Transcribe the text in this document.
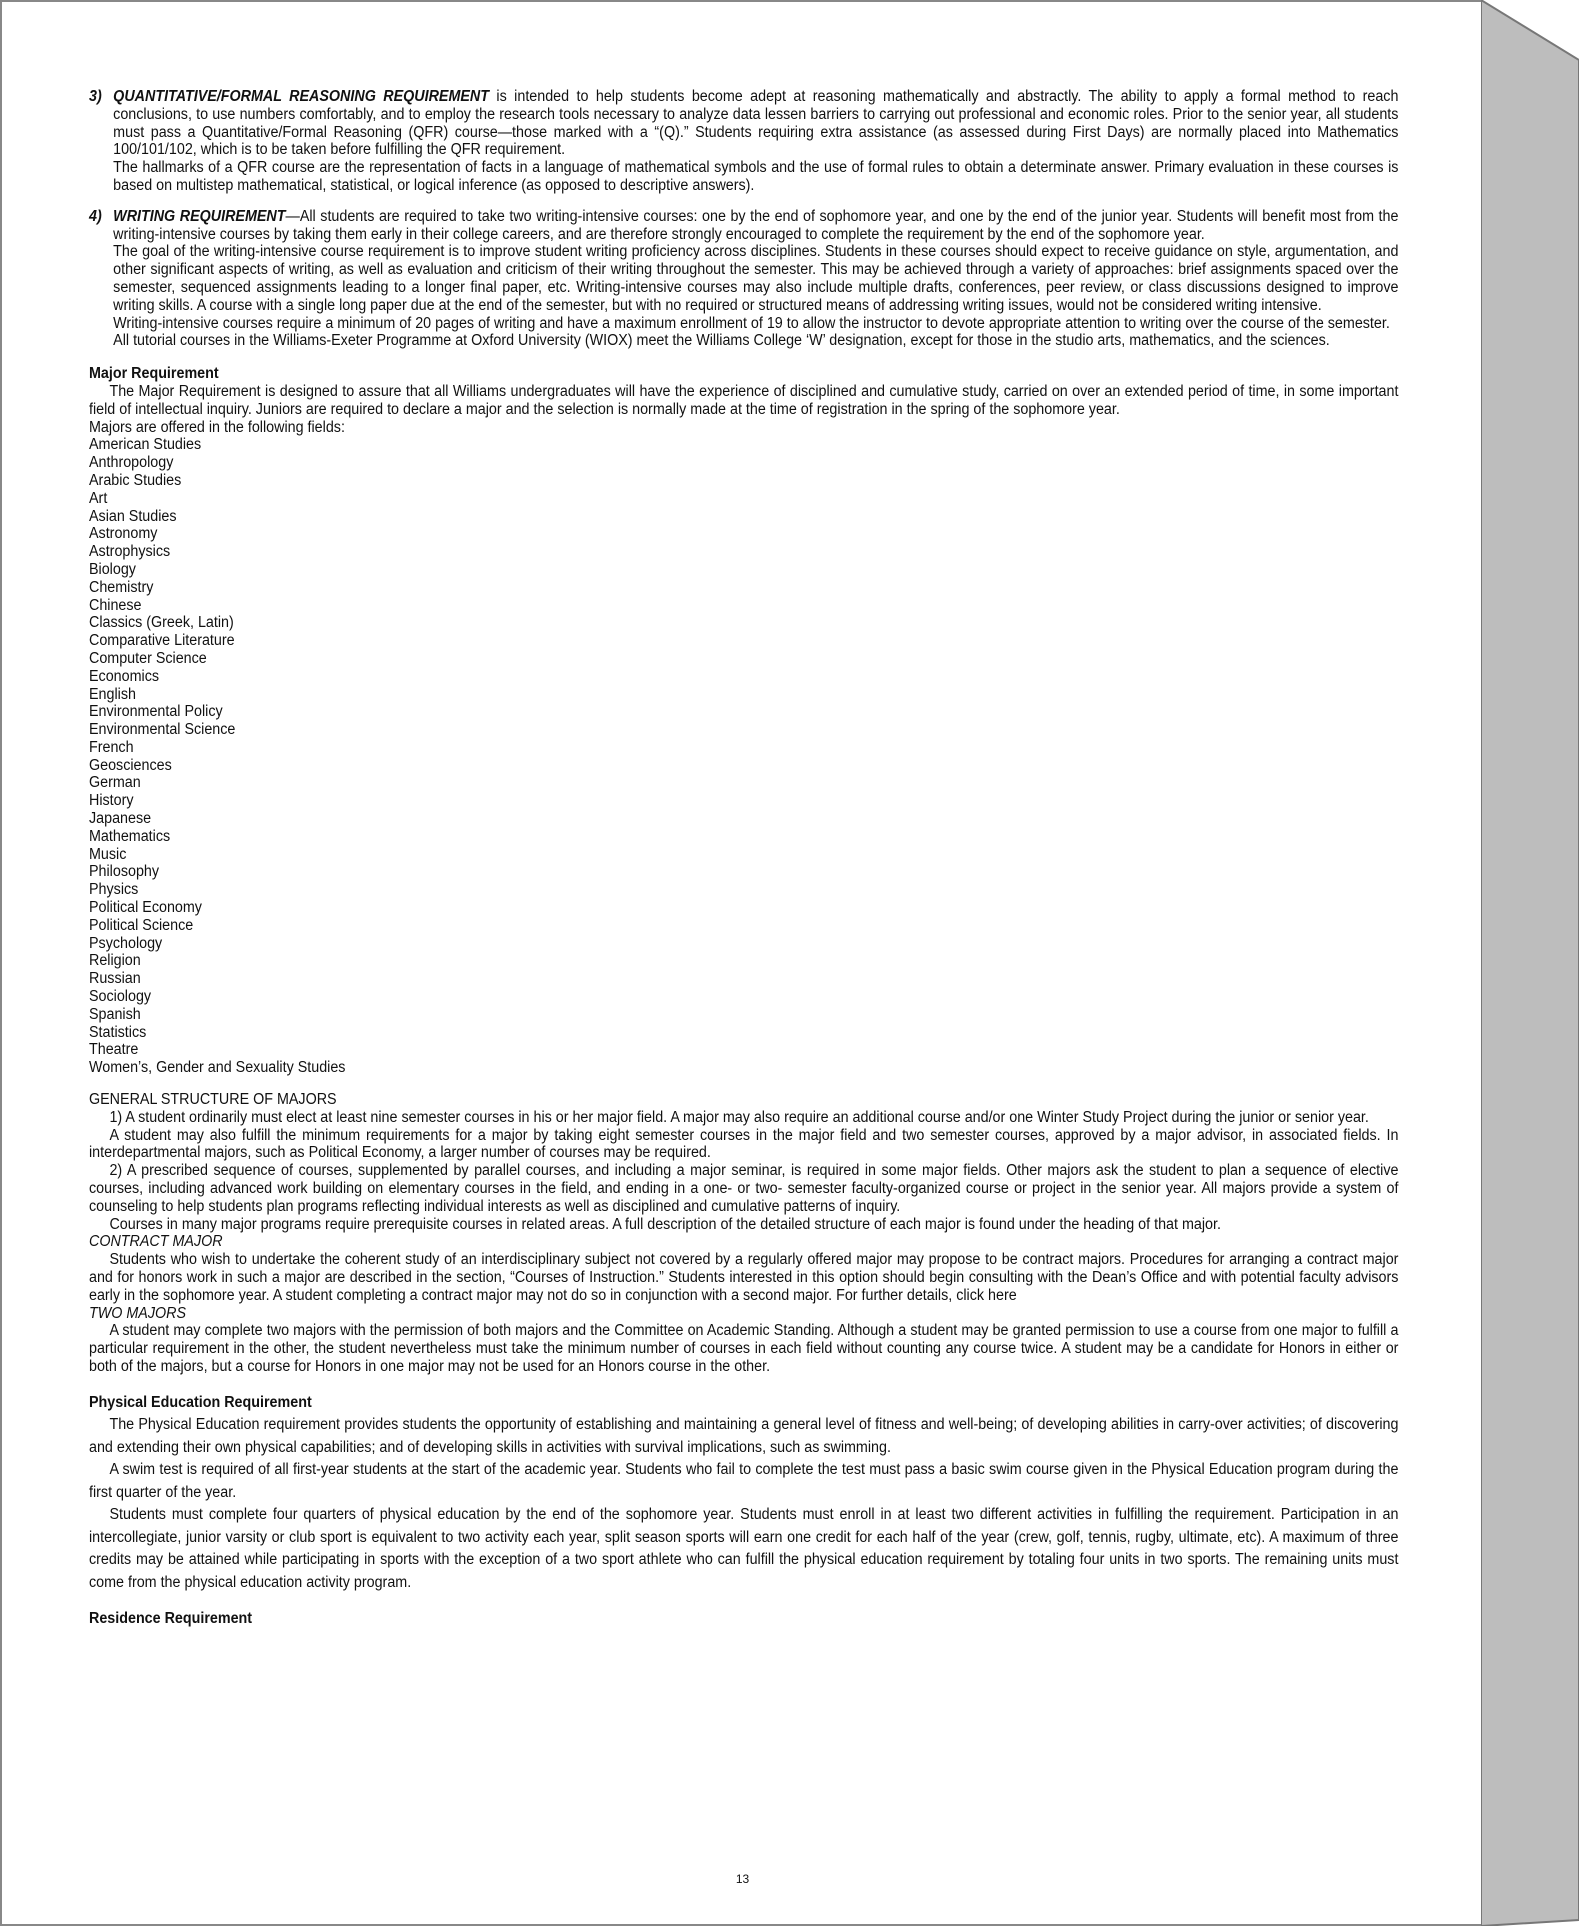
3) QUANTITATIVE/FORMAL REASONING REQUIREMENT is intended to help students become adept at reasoning mathematically and abstractly. The ability to apply a formal method to reach conclusions, to use numbers comfortably, and to employ the research tools necessary to analyze data lessen barriers to carrying out professional and economic roles. Prior to the senior year, all students must pass a Quantitative/Formal Reasoning (QFR) course—those marked with a “(Q).” Students requiring extra assistance (as assessed during First Days) are normally placed into Mathematics 100/101/102, which is to be taken before fulfilling the QFR requirement.

The hallmarks of a QFR course are the representation of facts in a language of mathematical symbols and the use of formal rules to obtain a determinate answer. Primary evaluation in these courses is based on multistep mathematical, statistical, or logical inference (as opposed to descriptive answers).

4) WRITING REQUIREMENT—All students are required to take two writing-intensive courses: one by the end of sophomore year, and one by the end of the junior year. Students will benefit most from the writing-intensive courses by taking them early in their college careers, and are therefore strongly encouraged to complete the requirement by the end of the sophomore year.

The goal of the writing-intensive course requirement is to improve student writing proficiency across disciplines. Students in these courses should expect to receive guidance on style, argumentation, and other significant aspects of writing, as well as evaluation and criticism of their writing throughout the semester. This may be achieved through a variety of approaches: brief assignments spaced over the semester, sequenced assignments leading to a longer final paper, etc. Writing-intensive courses may also include multiple drafts, conferences, peer review, or class discussions designed to improve writing skills. A course with a single long paper due at the end of the semester, but with no required or structured means of addressing writing issues, would not be considered writing intensive.

Writing-intensive courses require a minimum of 20 pages of writing and have a maximum enrollment of 19 to allow the instructor to devote appropriate attention to writing over the course of the semester.

All tutorial courses in the Williams-Exeter Programme at Oxford University (WIOX) meet the Williams College ‘W’ designation, except for those in the studio arts, mathematics, and the sciences.

Major Requirement

The Major Requirement is designed to assure that all Williams undergraduates will have the experience of disciplined and cumulative study, carried on over an extended period of time, in some important field of intellectual inquiry. Juniors are required to declare a major and the selection is normally made at the time of registration in the spring of the sophomore year.

Majors are offered in the following fields:

American Studies
Anthropology
Arabic Studies
Art
Asian Studies
Astronomy
Astrophysics
Biology
Chemistry
Chinese
Classics (Greek, Latin)
Comparative Literature
Computer Science
Economics
English
Environmental Policy
Environmental Science
French
Geosciences
German
History
Japanese
Mathematics
Music
Philosophy
Physics
Political Economy
Political Science
Psychology
Religion
Russian
Sociology
Spanish
Statistics
Theatre
Women’s, Gender and Sexuality Studies

GENERAL STRUCTURE OF MAJORS

1) A student ordinarily must elect at least nine semester courses in his or her major field. A major may also require an additional course and/or one Winter Study Project during the junior or senior year.

A student may also fulfill the minimum requirements for a major by taking eight semester courses in the major field and two semester courses, approved by a major advisor, in associated fields. In interdepartmental majors, such as Political Economy, a larger number of courses may be required.

2) A prescribed sequence of courses, supplemented by parallel courses, and including a major seminar, is required in some major fields. Other majors ask the student to plan a sequence of elective courses, including advanced work building on elementary courses in the field, and ending in a one- or two- semester faculty-organized course or project in the senior year. All majors provide a system of counseling to help students plan programs reflecting individual interests as well as disciplined and cumulative patterns of inquiry.

Courses in many major programs require prerequisite courses in related areas. A full description of the detailed structure of each major is found under the heading of that major.

CONTRACT MAJOR

Students who wish to undertake the coherent study of an interdisciplinary subject not covered by a regularly offered major may propose to be contract majors. Procedures for arranging a contract major and for honors work in such a major are described in the section, “Courses of Instruction.” Students interested in this option should begin consulting with the Dean’s Office and with potential faculty advisors early in the sophomore year. A student completing a contract major may not do so in conjunction with a second major. For further details, click here

TWO MAJORS

A student may complete two majors with the permission of both majors and the Committee on Academic Standing. Although a student may be granted permission to use a course from one major to fulfill a particular requirement in the other, the student nevertheless must take the minimum number of courses in each field without counting any course twice. A student may be a candidate for Honors in either or both of the majors, but a course for Honors in one major may not be used for an Honors course in the other.

Physical Education Requirement

The Physical Education requirement provides students the opportunity of establishing and maintaining a general level of fitness and well-being; of developing abilities in carry-over activities; of discovering and extending their own physical capabilities; and of developing skills in activities with survival implications, such as swimming.

A swim test is required of all first-year students at the start of the academic year. Students who fail to complete the test must pass a basic swim course given in the Physical Education program during the first quarter of the year.

Students must complete four quarters of physical education by the end of the sophomore year. Students must enroll in at least two different activities in fulfilling the requirement. Participation in an intercollegiate, junior varsity or club sport is equivalent to two activity each year, split season sports will earn one credit for each half of the year (crew, golf, tennis, rugby, ultimate, etc). A maximum of three credits may be attained while participating in sports with the exception of a two sport athlete who can fulfill the physical education requirement by totaling four units in two sports. The remaining units must come from the physical education activity program.

Residence Requirement

13
